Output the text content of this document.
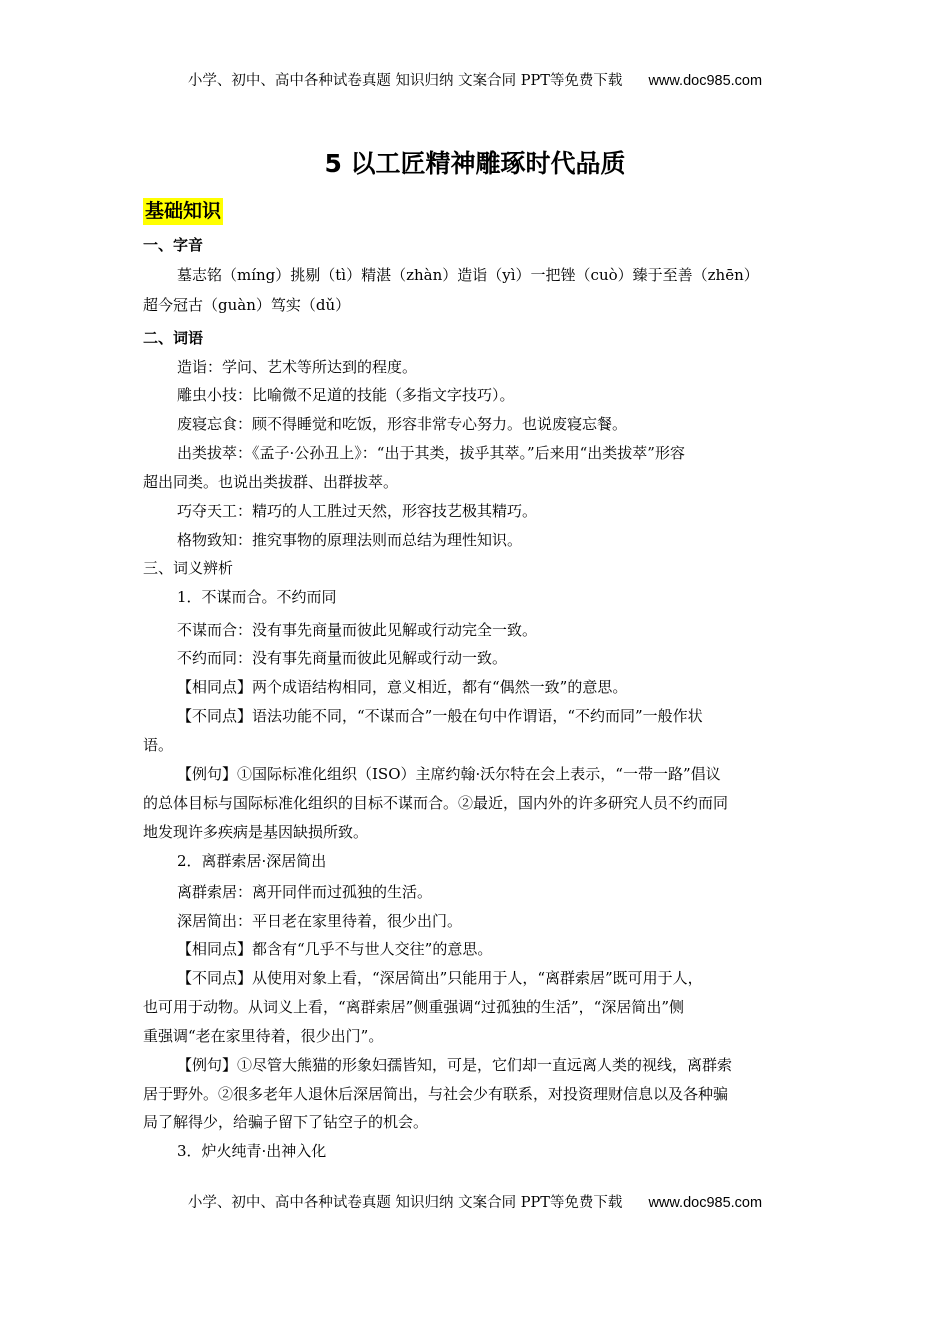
小学、初中、高中各种试卷真题 知识归纳 文案合同 PPT等免费下载 www.doc985.com
5 以工匠精神雕琢时代品质
基础知识
一、字音
墓志铭（míng）挑剔（tì）精湛（zhàn）造诣（yì）一把锉（cuò）臻于至善（zhēn）
超今冠古（guàn）笃实（dǔ）
二、词语
造诣：学问、艺术等所达到的程度。
雕虫小技：比喻微不足道的技能（多指文字技巧）。
废寝忘食：顾不得睡觉和吃饭，形容非常专心努力。也说废寝忘餐。
出类拔萃：《孟子·公孙丑上》：“出于其类，拔乎其萃。”后来用“出类拔萃”形容
超出同类。也说出类拔群、出群拔萃。
巧夺天工：精巧的人工胜过天然，形容技艺极其精巧。
格物致知：推究事物的原理法则而总结为理性知识。
三、词义辨析
1．不谋而合。不约而同
不谋而合：没有事先商量而彼此见解或行动完全一致。
不约而同：没有事先商量而彼此见解或行动一致。
【相同点】两个成语结构相同，意义相近，都有“偶然一致”的意思。
【不同点】语法功能不同，“不谋而合”一般在句中作谓语，“不约而同”一般作状
语。
【例句】①国际标准化组织（ISO）主席约翰·沃尔特在会上表示，“一带一路”倡议
的总体目标与国际标准化组织的目标不谋而合。②最近，国内外的许多研究人员不约而同
地发现许多疾病是基因缺损所致。
2．离群索居·深居简出
离群索居：离开同伴而过孤独的生活。
深居简出：平日老在家里待着，很少出门。
【相同点】都含有“几乎不与世人交往”的意思。
【不同点】从使用对象上看，“深居简出”只能用于人，“离群索居”既可用于人，
也可用于动物。从词义上看，“离群索居”侧重强调“过孤独的生活”，“深居简出”侧
重强调“老在家里待着，很少出门”。
【例句】①尽管大熊猫的形象妇孺皆知，可是，它们却一直远离人类的视线，离群索
居于野外。②很多老年人退休后深居简出，与社会少有联系，对投资理财信息以及各种骗
局了解得少，给骗子留下了钻空子的机会。
3．炉火纯青·出神入化
小学、初中、高中各种试卷真题 知识归纳 文案合同 PPT等免费下载 www.doc985.com
